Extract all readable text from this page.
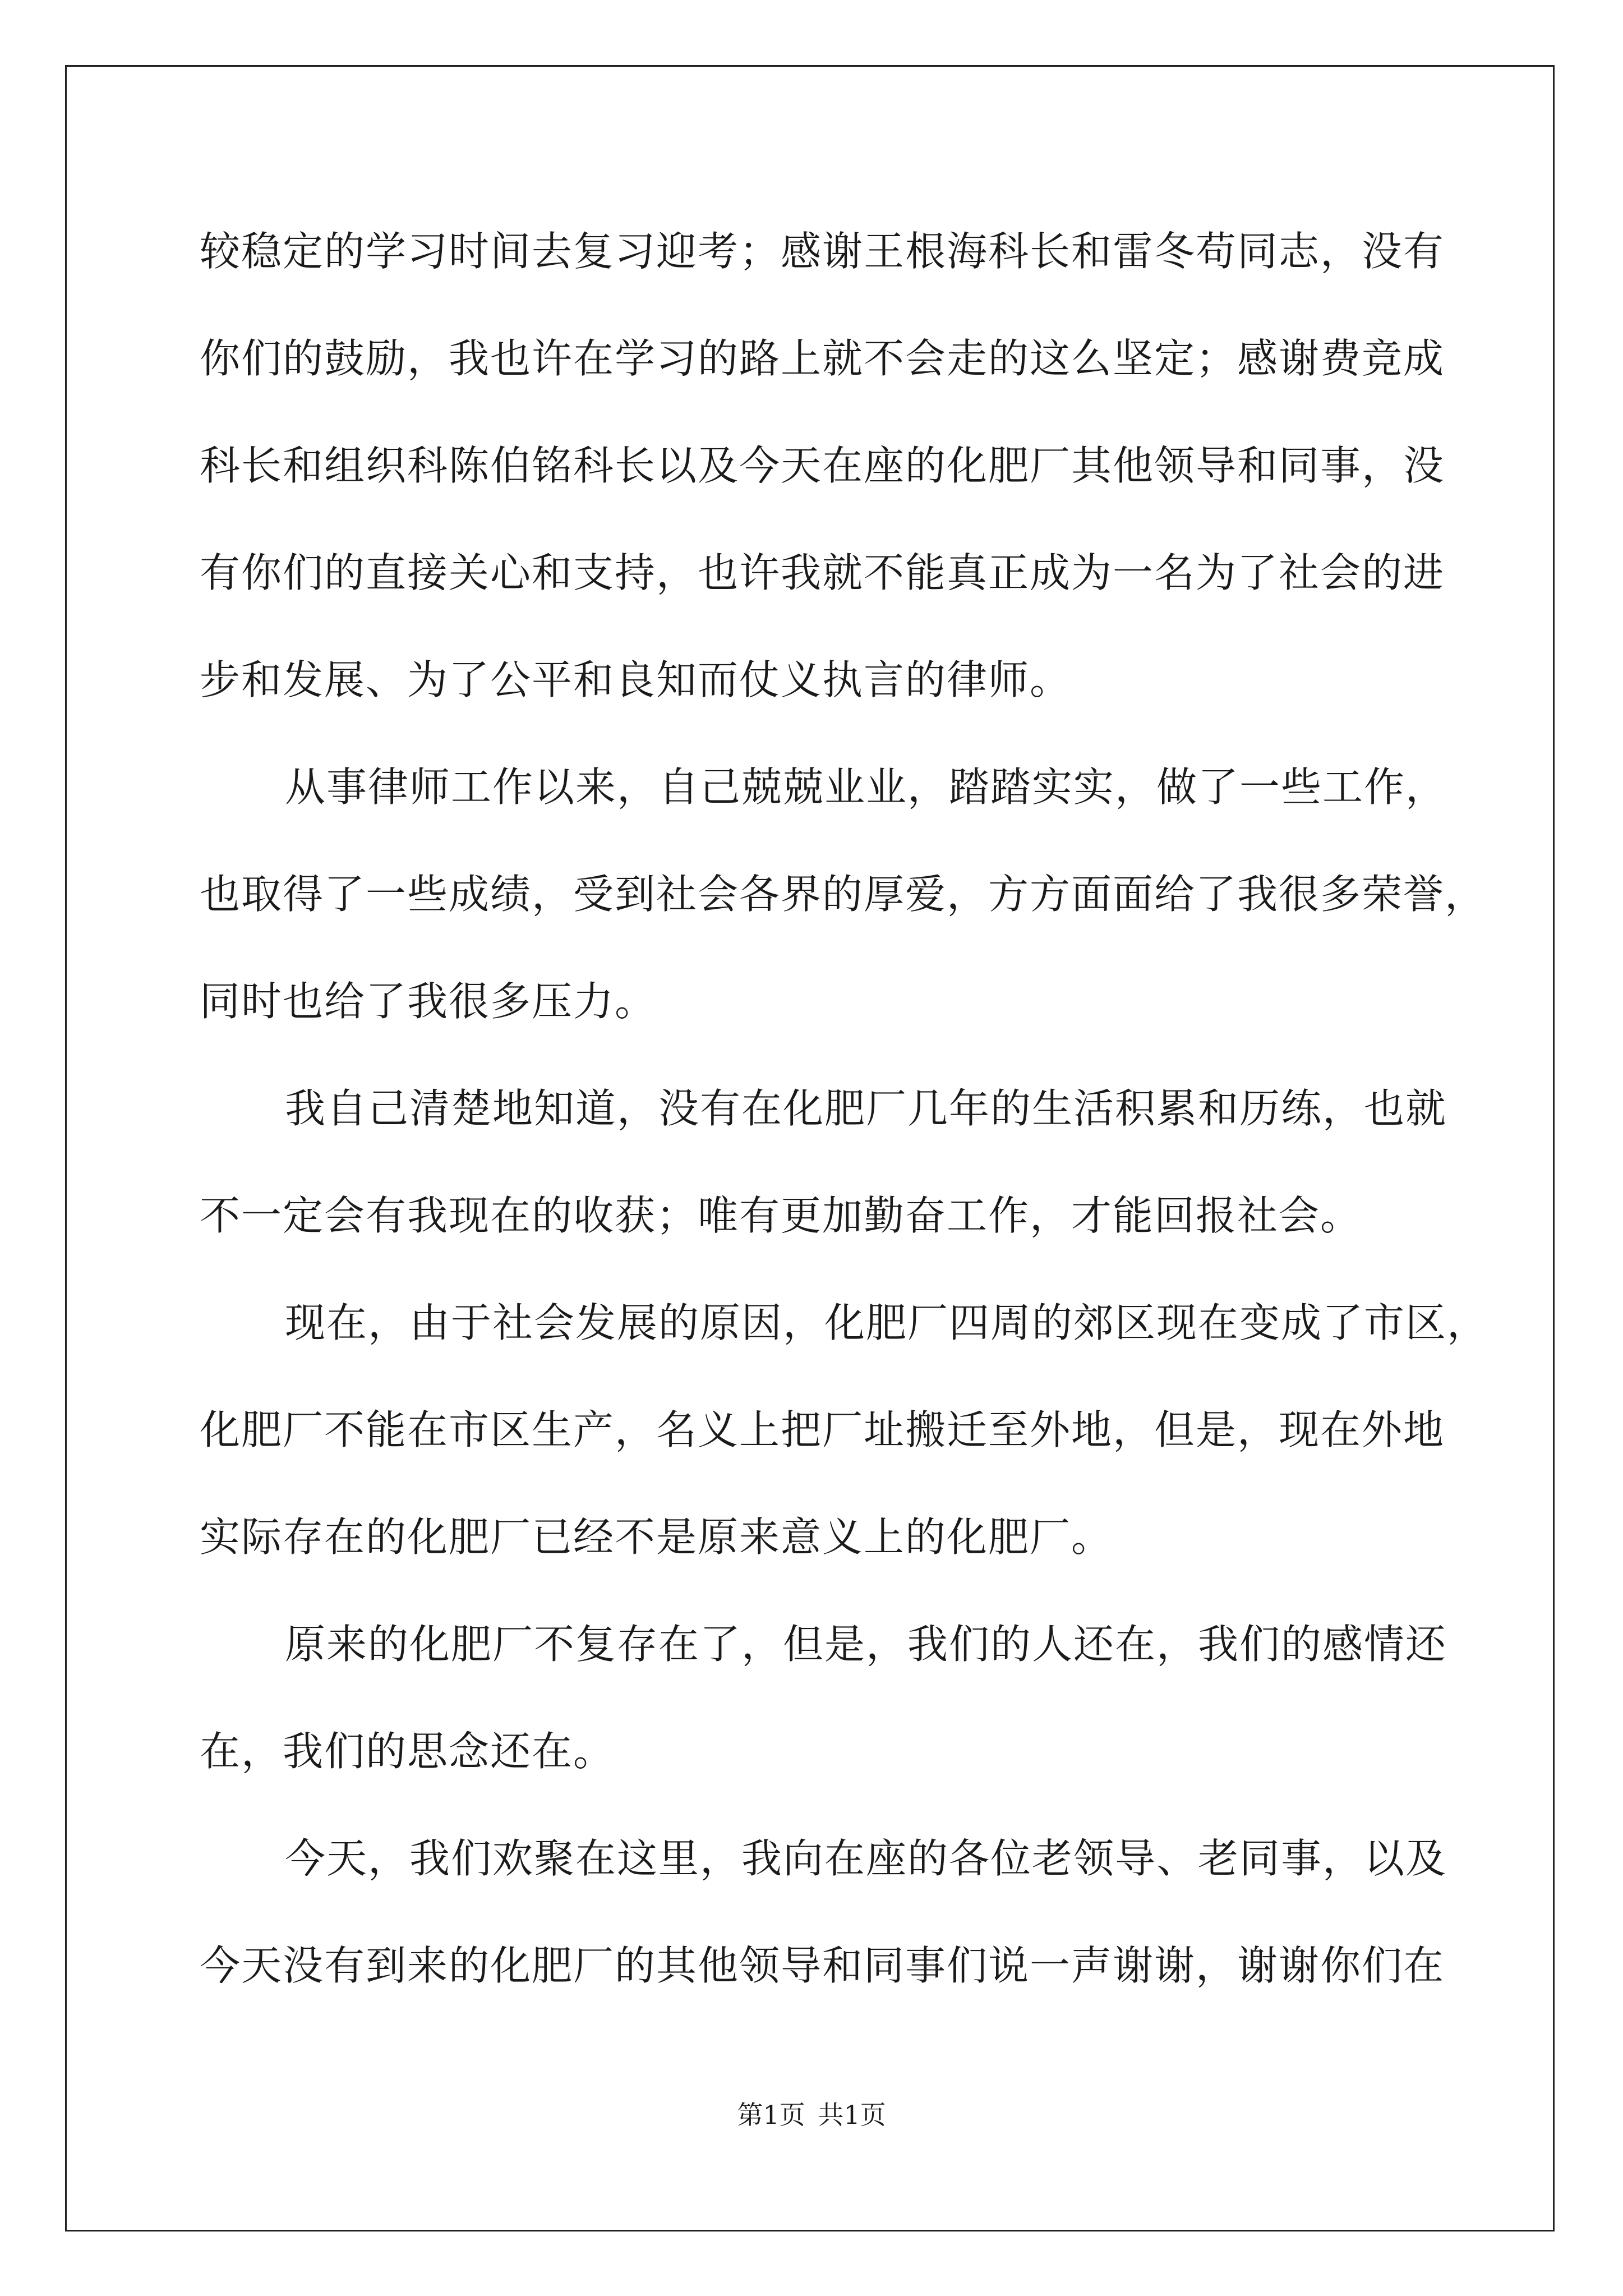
较稳定的学习时间去复习迎考；感谢王根海科长和雷冬苟同志，没有
你们的鼓励，我也许在学习的路上就不会走的这么坚定；感谢费竞成
科长和组织科陈伯铭科长以及今天在座的化肥厂其他领导和同事，没
有你们的直接关心和支持，也许我就不能真正成为一名为了社会的进
步和发展、为了公平和良知而仗义执言的律师。
从事律师工作以来，自己兢兢业业，踏踏实实，做了一些工作，
也取得了一些成绩，受到社会各界的厚爱，方方面面给了我很多荣誉，
同时也给了我很多压力。
我自己清楚地知道，没有在化肥厂几年的生活积累和历练，也就
不一定会有我现在的收获；唯有更加勤奋工作，才能回报社会。
现在，由于社会发展的原因，化肥厂四周的郊区现在变成了市区，
化肥厂不能在市区生产，名义上把厂址搬迁至外地，但是，现在外地
实际存在的化肥厂已经不是原来意义上的化肥厂。
原来的化肥厂不复存在了，但是，我们的人还在，我们的感情还
在，我们的思念还在。
今天，我们欢聚在这里，我向在座的各位老领导、老同事，以及
今天没有到来的化肥厂的其他领导和同事们说一声谢谢，谢谢你们在
第1页 共1页
